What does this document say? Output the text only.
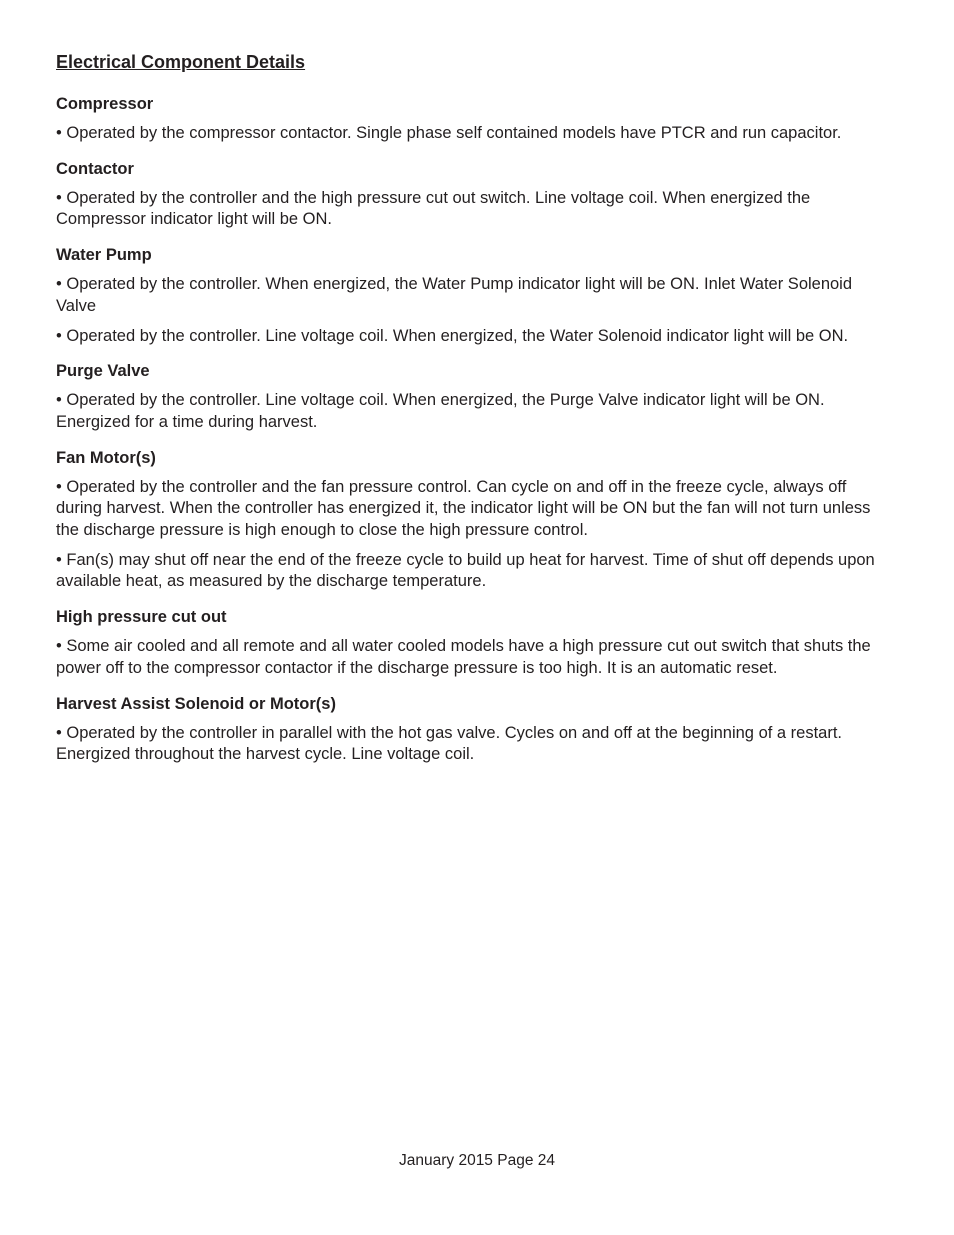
Electrical Component Details
Compressor
• Operated by the compressor contactor. Single phase self contained models have PTCR and run capacitor.
Contactor
• Operated by the controller and the high pressure cut out switch. Line voltage coil. When energized the Compressor indicator light will be ON.
Water Pump
• Operated by the controller. When energized, the Water Pump indicator light will be ON. Inlet Water Solenoid Valve
• Operated by the controller. Line voltage coil. When energized, the Water Solenoid indicator light will be ON.
Purge Valve
• Operated by the controller. Line voltage coil. When energized, the Purge Valve indicator light will be ON. Energized for a time during harvest.
Fan Motor(s)
• Operated by the controller and the fan pressure control. Can cycle on and off in the freeze cycle, always off during harvest. When the controller has energized it, the indicator light will be ON but the fan will not turn unless the discharge pressure is high enough to close the high pressure control.
• Fan(s) may shut off near the end of the freeze cycle to build up heat for harvest. Time of shut off depends upon available heat, as measured by the discharge temperature.
High pressure cut out
• Some air cooled and all remote and all water cooled models have a high pressure cut out switch that shuts the power off to the compressor contactor if the discharge pressure is too high. It is an automatic reset.
Harvest Assist Solenoid or Motor(s)
• Operated by the controller in parallel with the hot gas valve. Cycles on and off at the beginning of a restart. Energized throughout the harvest cycle. Line voltage coil.
January 2015 Page 24
